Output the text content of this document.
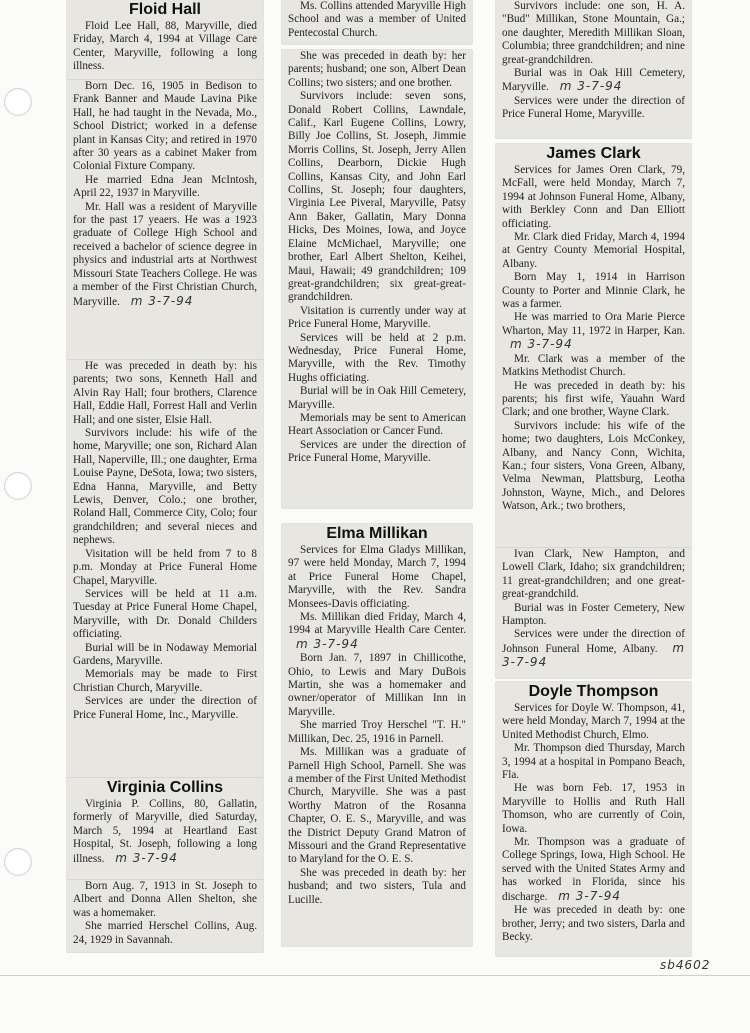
Floid Hall

Floid Lee Hall, 88, Maryville, died Friday, March 4, 1994 at Village Care Center, Maryville, following a long illness.

Born Dec. 16, 1905 in Bedison to Frank Banner and Maude Lavina Pike Hall, he had taught in the Nevada, Mo., School District; worked in a defense plant in Kansas City; and retired in 1970 after 30 years as a cabinet Maker from Colonial Fixture Company.

He married Edna Jean McIntosh, April 22, 1937 in Maryville.

Mr. Hall was a resident of Maryville for the past 17 yeaers. He was a 1923 graduate of College High School and received a bachelor of science degree in physics and industrial arts at Northwest Missouri State Teachers College. He was a member of the First Christian Church, Maryville. m 3-7-94

He was preceded in death by: his parents; two sons, Kenneth Hall and Alvin Ray Hall; four brothers, Clarence Hall, Eddie Hall, Forrest Hall and Verlin Hall; and one sister, Elsie Hall.

Survivors include: his wife of the home, Maryville; one son, Richard Alan Hall, Naperville, Ill.; one daughter, Erma Louise Payne, DeSota, Iowa; two sisters, Edna Hanna, Maryville, and Betty Lewis, Denver, Colo.; one brother, Roland Hall, Commerce City, Colo; four grandchildren; and several nieces and nephews.

Visitation will be held from 7 to 8 p.m. Monday at Price Funeral Home Chapel, Maryville.

Services will be held at 11 a.m. Tuesday at Price Funeral Home Chapel, Maryville, with Dr. Donald Childers officiating.

Burial will be in Nodaway Memorial Gardens, Maryville.

Memorials may be made to First Christian Church, Maryville.

Services are under the direction of Price Funeral Home, Inc., Maryville.

Virginia Collins

Virginia P. Collins, 80, Gallatin, formerly of Maryville, died Saturday, March 5, 1994 at Heartland East Hospital, St. Joseph, following a long illness. m 3-7-94

Born Aug. 7, 1913 in St. Joseph to Albert and Donna Allen Shelton, she was a homemaker.

She married Herschel Collins, Aug. 24, 1929 in Savannah.

Ms. Collins attended Maryville High School and was a member of United Pentecostal Church.

She was preceded in death by: her parents; husband; one son, Albert Dean Collins; two sisters; and one brother.

Survivors include: seven sons, Donald Robert Collins, Lawndale, Calif., Karl Eugene Collins, Lowry, Billy Joe Collins, St. Joseph, Jimmie Morris Collins, St. Joseph, Jerry Allen Collins, Dearborn, Dickie Hugh Collins, Kansas City, and John Earl Collins, St. Joseph; four daughters, Virginia Lee Piveral, Maryville, Patsy Ann Baker, Gallatin, Mary Donna Hicks, Des Moines, Iowa, and Joyce Elaine McMichael, Maryville; one brother, Earl Albert Shelton, Keihei, Maui, Hawaii; 49 grandchildren; 109 great-grandchildren; six great-great-grandchildren.

Visitation is currently under way at Price Funeral Home, Maryville.

Services will be held at 2 p.m. Wednesday, Price Funeral Home, Maryville, with the Rev. Timothy Hughs officiating.

Burial will be in Oak Hill Cemetery, Maryville.

Memorials may be sent to American Heart Association or Cancer Fund.

Services are under the direction of Price Funeral Home, Maryville.

Elma Millikan

Services for Elma Gladys Millikan, 97 were held Monday, March 7, 1994 at Price Funeral Home Chapel, Maryville, with the Rev. Sandra Monsees-Davis officiating.

Ms. Millikan died Friday, March 4, 1994 at Maryville Health Care Center. m 3-7-94

Born Jan. 7, 1897 in Chillicothe, Ohio, to Lewis and Mary DuBois Martin, she was a homemaker and owner/operator of Millikan Inn in Maryville.

She married Troy Herschel "T. H." Millikan, Dec. 25, 1916 in Parnell.

Ms. Millikan was a graduate of Parnell High School, Parnell. She was a member of the First United Methodist Church, Maryville. She was a past Worthy Matron of the Rosanna Chapter, O. E. S., Maryville, and was the District Deputy Grand Matron of Missouri and the Grand Representative to Maryland for the O. E. S.

She was preceded in death by: her husband; and two sisters, Tula and Lucille.

Survivors include: one son, H. A. "Bud" Millikan, Stone Mountain, Ga.; one daughter, Meredith Millikan Sloan, Columbia; three grandchildren; and nine great-grandchildren.

Burial was in Oak Hill Cemetery, Maryville. m 3-7-94

Services were under the direction of Price Funeral Home, Maryville.

James Clark

Services for James Oren Clark, 79, McFall, were held Monday, March 7, 1994 at Johnson Funeral Home, Albany, with Berkley Conn and Dan Elliott officiating.

Mr. Clark died Friday, March 4, 1994 at Gentry County Memorial Hospital, Albany.

Born May 1, 1914 in Harrison County to Porter and Minnie Clark, he was a farmer.

He was married to Ora Marie Pierce Wharton, May 11, 1972 in Harper, Kan. m 3-7-94

Mr. Clark was a member of the Matkins Methodist Church.

He was preceded in death by: his parents; his first wife, Yauahn Ward Clark; and one brother, Wayne Clark.

Survivors include: his wife of the home; two daughters, Lois McConkey, Albany, and Nancy Conn, Wichita, Kan.; four sisters, Vona Green, Albany, Velma Newman, Plattsburg, Leotha Johnston, Wayne, Mich., and Delores Watson, Ark.; two brothers,

Ivan Clark, New Hampton, and Lowell Clark, Idaho; six grandchildren; 11 great-grandchildren; and one great-great-grandchild.

Burial was in Foster Cemetery, New Hampton.

Services were under the direction of Johnson Funeral Home, Albany. m 3-7-94

Doyle Thompson

Services for Doyle W. Thompson, 41, were held Monday, March 7, 1994 at the United Methodist Church, Elmo.

Mr. Thompson died Thursday, March 3, 1994 at a hospital in Pompano Beach, Fla.

He was born Feb. 17, 1953 in Maryville to Hollis and Ruth Hall Thomson, who are currently of Coin, Iowa.

Mr. Thompson was a graduate of College Springs, Iowa, High School. He served with the United States Army and has worked in Florida, since his discharge. m 3-7-94

He was preceded in death by: one brother, Jerry; and two sisters, Darla and Becky.

sb4602
